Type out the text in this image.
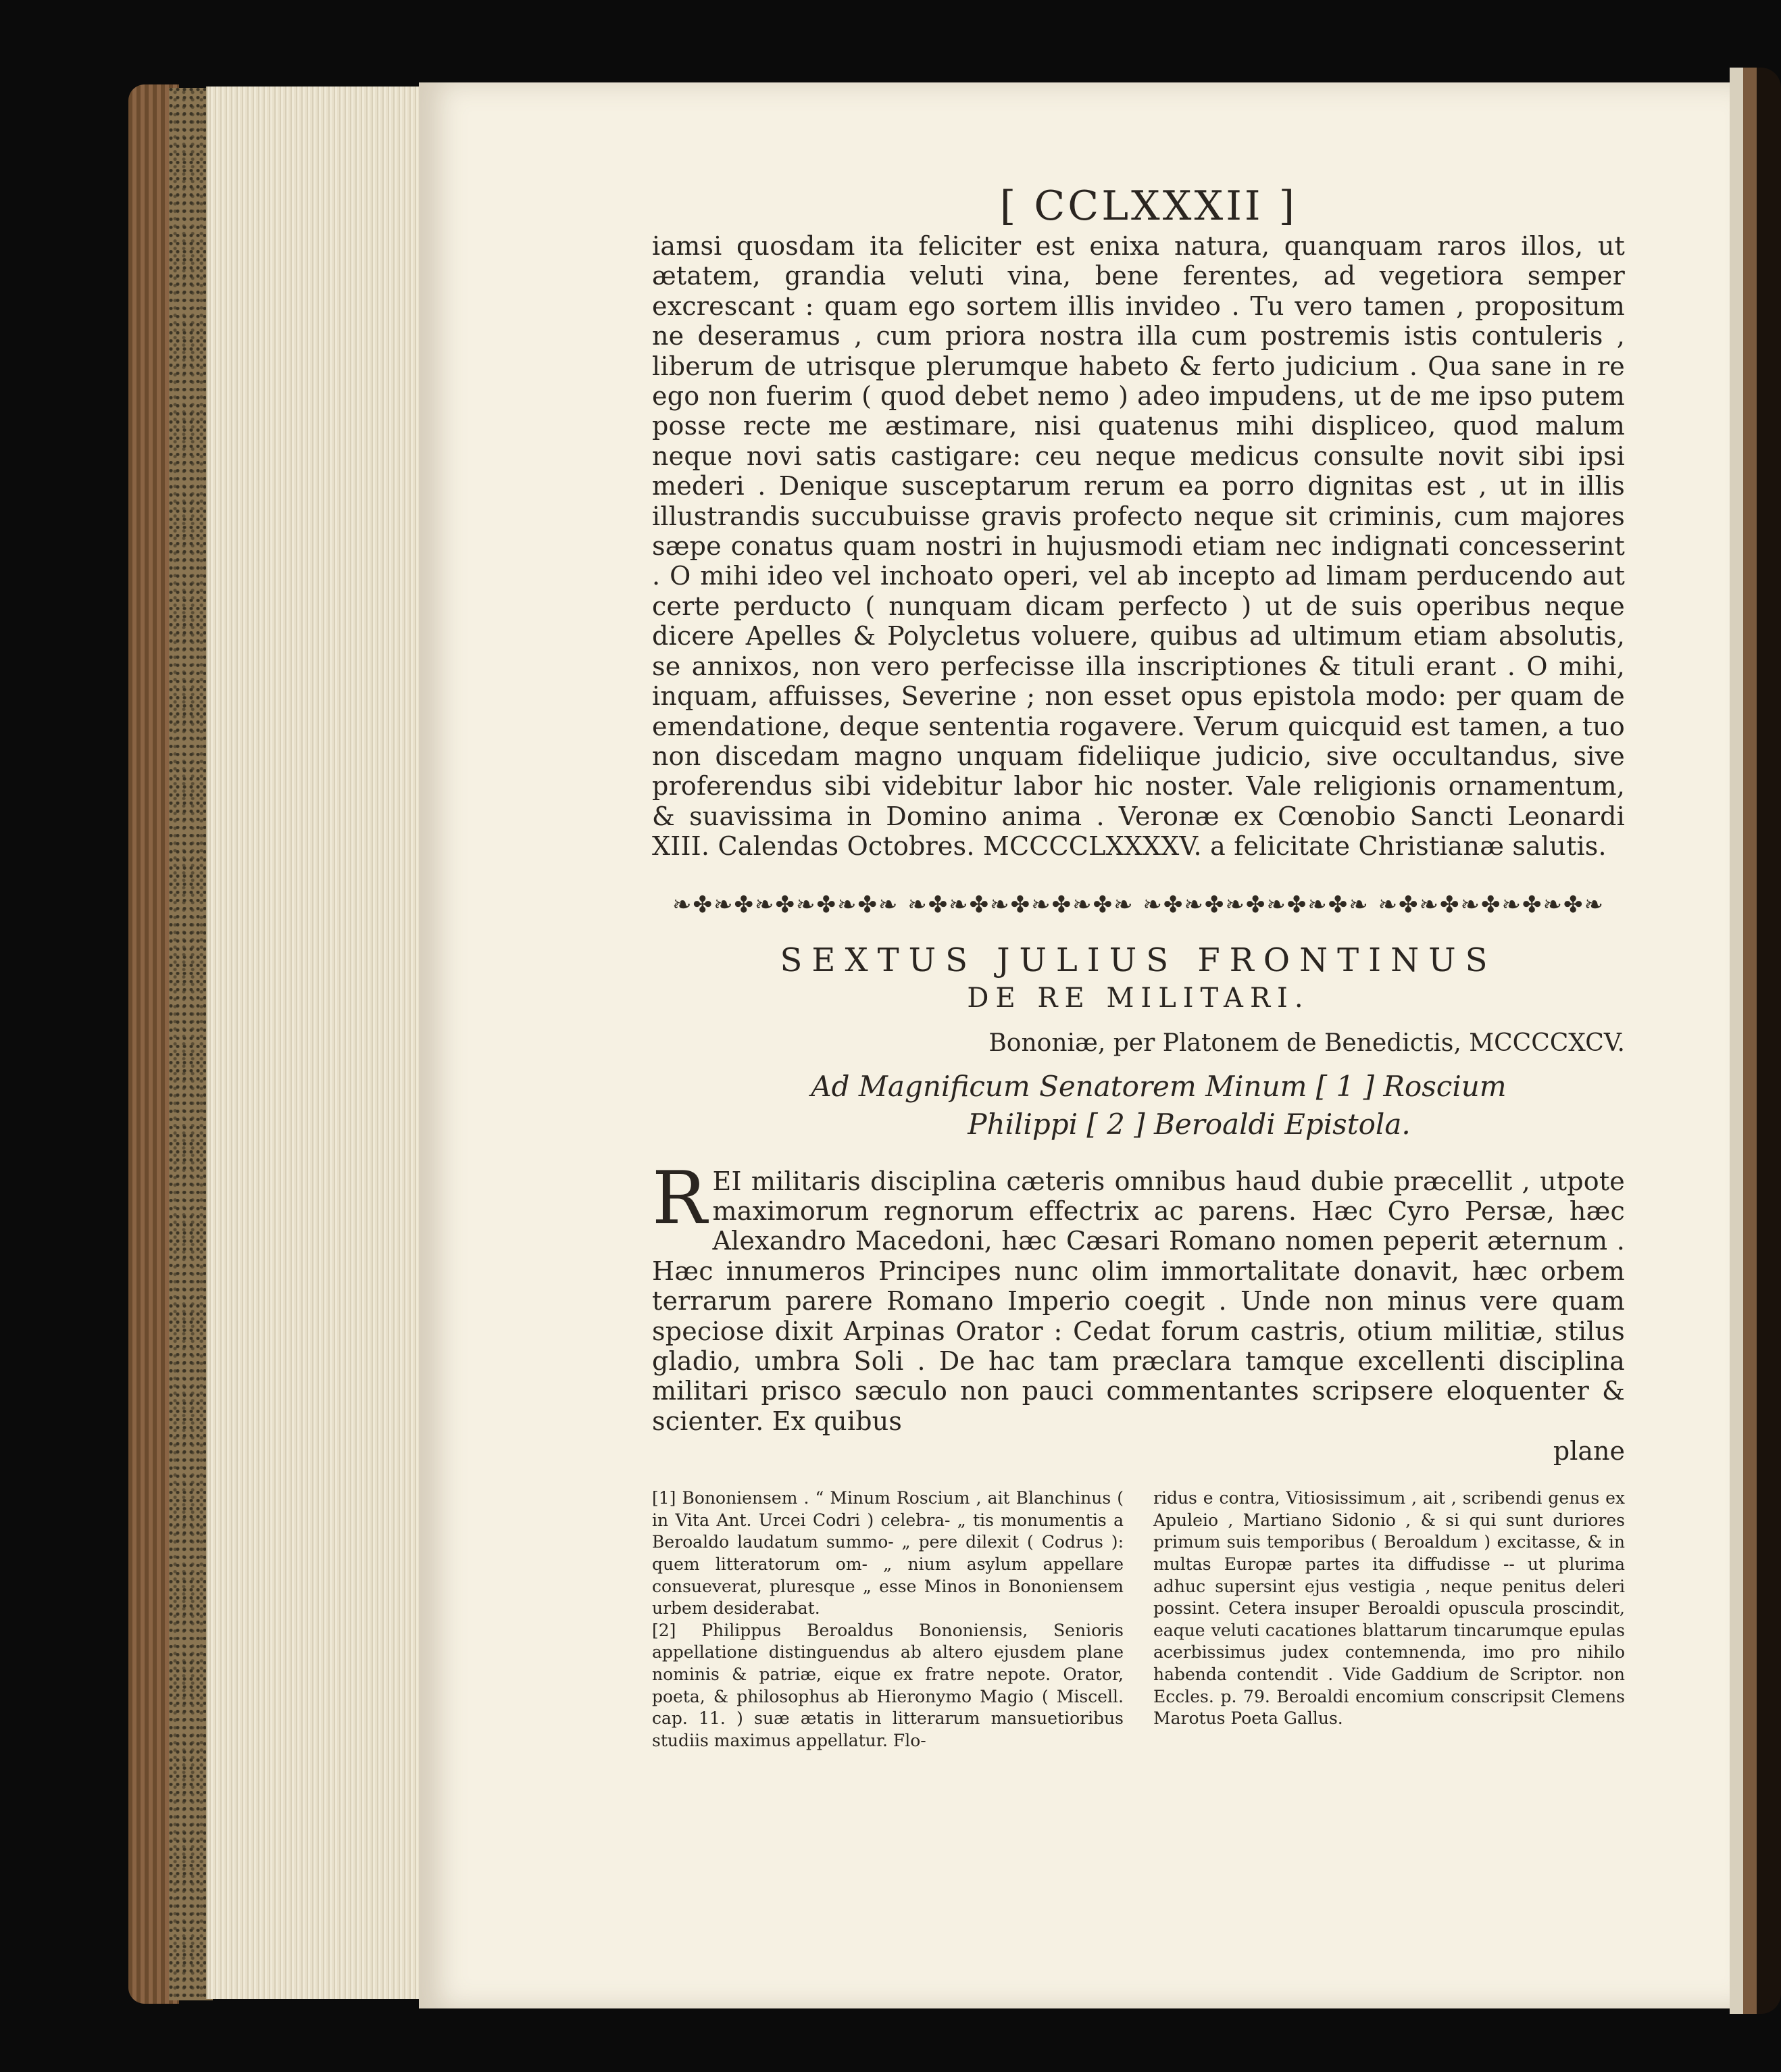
[ CCLXXXII ]

iamsi quosdam ita feliciter est enixa natura, quanquam raros illos, ut ætatem, grandia veluti vina, bene ferentes, ad vegetiora semper excrescant : quam ego sortem illis invideo . Tu vero tamen , propositum ne deseramus , cum priora nostra illa cum postremis istis contuleris , liberum de utrisque plerumque habeto & ferto judicium . Qua sane in re ego non fuerim ( quod debet nemo ) adeo impudens, ut de me ipso putem posse recte me æstimare, nisi quatenus mihi displiceo, quod malum neque novi satis castigare: ceu neque medicus consulte novit sibi ipsi mederi . Denique susceptarum rerum ea porro dignitas est , ut in illis illustrandis succubuisse gravis profecto neque sit criminis, cum majores sæpe conatus quam nostri in hujusmodi etiam nec indignati concesserint . O mihi ideo vel inchoato operi, vel ab incepto ad limam perducendo aut certe perducto ( nunquam dicam perfecto ) ut de suis operibus neque dicere Apelles & Polycletus voluere, quibus ad ultimum etiam absolutis, se annixos, non vero perfecisse illa inscriptiones & tituli erant . O mihi, inquam, affuisses, Severine ; non esset opus epistola modo: per quam de emendatione, deque sententia rogavere. Verum quicquid est tamen, a tuo non discedam magno unquam fideliique judicio, sive occultandus, sive proferendus sibi videbitur labor hic noster. Vale religionis ornamentum, & suavissima in Domino anima . Veronæ ex Cœnobio Sancti Leonardi XIII. Calendas Octobres. MCCCCLXXXXV. a felicitate Christianæ salutis.

❧✤❧✤❧✤❧✤❧✤❧ ❧✤❧✤❧✤❧✤❧✤❧ ❧✤❧✤❧✤❧✤❧✤❧ ❧✤❧✤❧✤❧✤❧✤❧
SEXTUS JULIUS FRONTINUS
DE RE MILITARI.
Bononiæ, per Platonem de Benedictis, MCCCCXCV.
Ad Magnificum Senatorem Minum [ 1 ] Roscium
Philippi [ 2 ] Beroaldi Epistola.

REI militaris disciplina cæteris omnibus haud dubie præcellit , utpote maximorum regnorum effectrix ac parens. Hæc Cyro Persæ, hæc Alexandro Macedoni, hæc Cæsari Romano nomen peperit æternum . Hæc innumeros Principes nunc olim immortalitate donavit, hæc orbem terrarum parere Romano Imperio coegit . Unde non minus vere quam speciose dixit Arpinas Orator : Cedat forum castris, otium militiæ, stilus gladio, umbra Soli . De hac tam præclara tamque excellenti disciplina militari prisco sæculo non pauci commentantes scripsere eloquenter & scienter. Ex quibus

plane

[1] Bononiensem . “ Minum Roscium , ait Blanchinus ( in Vita Ant. Urcei Codri ) celebra- „ tis monumentis a Beroaldo laudatum summo- „ pere dilexit ( Codrus ): quem litteratorum om- „ nium asylum appellare consueverat, pluresque „ esse Minos in Bononiensem urbem desiderabat.

[2] Philippus Beroaldus Bononiensis, Senioris appellatione distinguendus ab altero ejusdem plane nominis & patriæ, eique ex fratre nepote. Orator, poeta, & philosophus ab Hieronymo Magio ( Miscell. cap. 11. ) suæ ætatis in litterarum mansuetioribus studiis maximus appellatur. Flo-

ridus e contra, Vitiosissimum , ait , scribendi genus ex Apuleio , Martiano Sidonio , & si qui sunt duriores primum suis temporibus ( Beroaldum ) excitasse, & in multas Europæ partes ita diffudisse -- ut plurima adhuc supersint ejus vestigia , neque penitus deleri possint. Cetera insuper Beroaldi opuscula proscindit, eaque veluti cacationes blattarum tincarumque epulas acerbissimus judex contemnenda, imo pro nihilo habenda contendit . Vide Gaddium de Scriptor. non Eccles. p. 79. Beroaldi encomium conscripsit Clemens Marotus Poeta Gallus.
